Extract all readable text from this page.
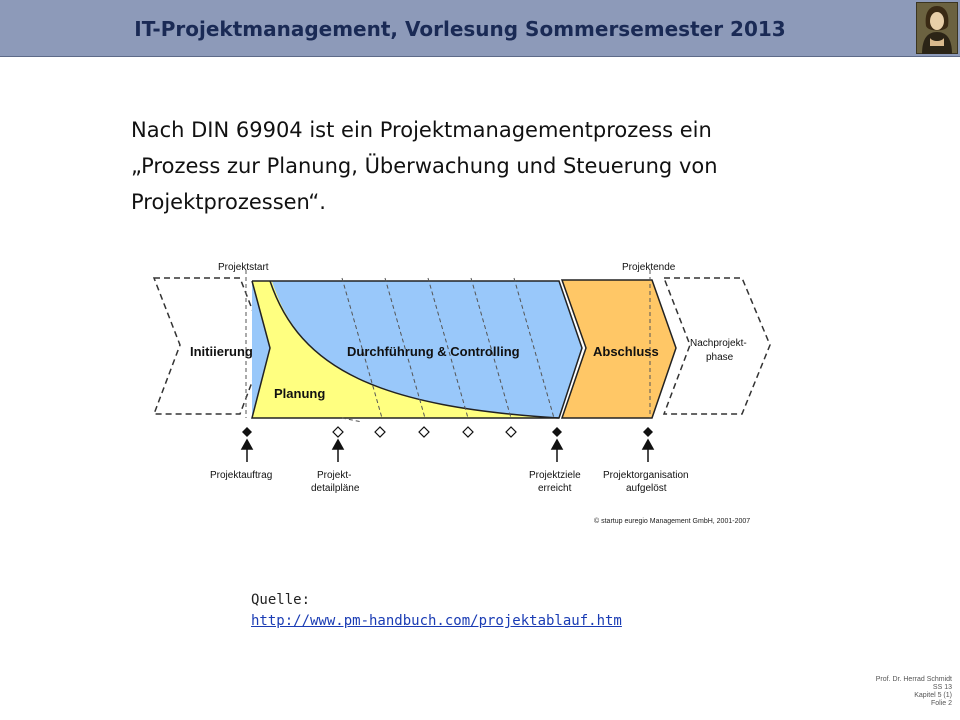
IT-Projektmanagement, Vorlesung Sommersemester 2013
Nach DIN 69904 ist ein Projektmanagementprozess ein
„Prozess zur Planung, Überwachung und Steuerung von
Projektprozessen“.
Projektstart	Projektende
Initiierung	Durchführung & Controlling
Planung
Abschluss
Nachprojekt-
phase
Projektauftrag	Projekt-
detailpläne
Projektziele
erreicht
Projektorganisation
aufgelöst
© startup euregio Management GmbH, 2001-2007
Quelle:
http://www.pm-handbuch.com/projektablauf.htm
Prof. Dr. Herrad Schmidt
SS 13
Kapitel 5 (1)
Folie 2
